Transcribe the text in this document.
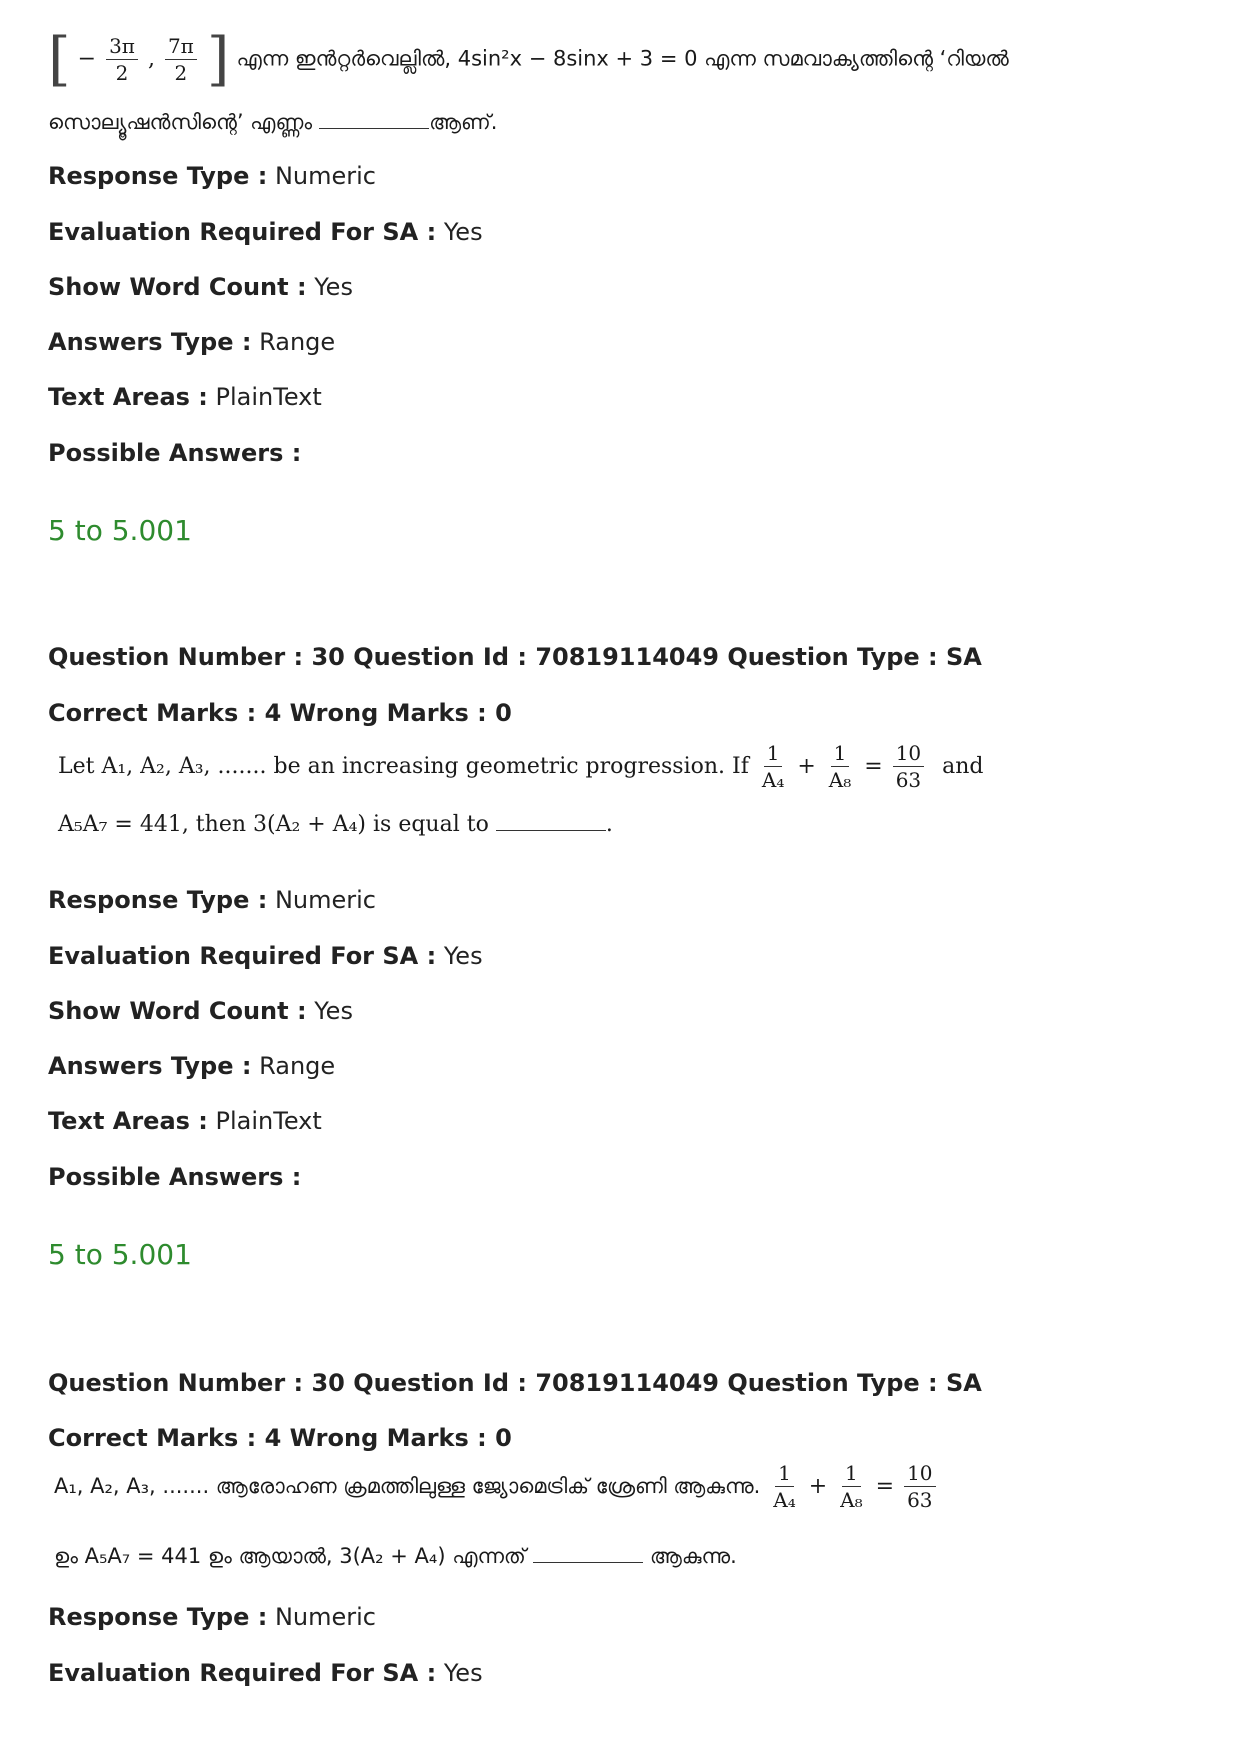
[ − $\frac{3\pi}{2}$ , $\frac{7\pi}{2}$ ] എന്ന ഇൻറ്റർവെല്ലിൽ, 4sin²x − 8sinx + 3 = 0 എന്ന സമവാക്യത്തിന്റെ ‘റിയൽ
സൊല്യൂഷൻസിന്റെ’ എണ്ണം	ആണ്.
Response Type : Numeric
Evaluation Required For SA : Yes
Show Word Count : Yes
Answers Type : Range
Text Areas : PlainText
Possible Answers :
5 to 5.001
Question Number : 30 Question Id : 70819114049 Question Type : SA
Correct Marks : 4 Wrong Marks : 0
Let A₁, A₂, A₃, ....... be an increasing geometric progression. If $\frac{1}{\text{A₄}} + \frac{1}{\text{A₈}} = \frac{10}{63}$ and
A₅A₇ = 441, then 3(A₂ + A₄) is equal to	.
Response Type : Numeric
Evaluation Required For SA : Yes
Show Word Count : Yes
Answers Type : Range
Text Areas : PlainText
Possible Answers :
5 to 5.001
Question Number : 30 Question Id : 70819114049 Question Type : SA
Correct Marks : 4 Wrong Marks : 0
A₁, A₂, A₃, ....... ആരോഹണ ക്രമത്തിലുള്ള ജ്യോമെട്രിക് ശ്രേണി ആകുന്നു. $\frac{1}{\text{A₄}} + \frac{1}{\text{A₈}} = \frac{10}{63}$
ഉം A₅A₇ = 441 ഉം ആയാൽ, 3(A₂ + A₄) എന്നത്	ആകുന്നു.
Response Type : Numeric
Evaluation Required For SA : Yes
